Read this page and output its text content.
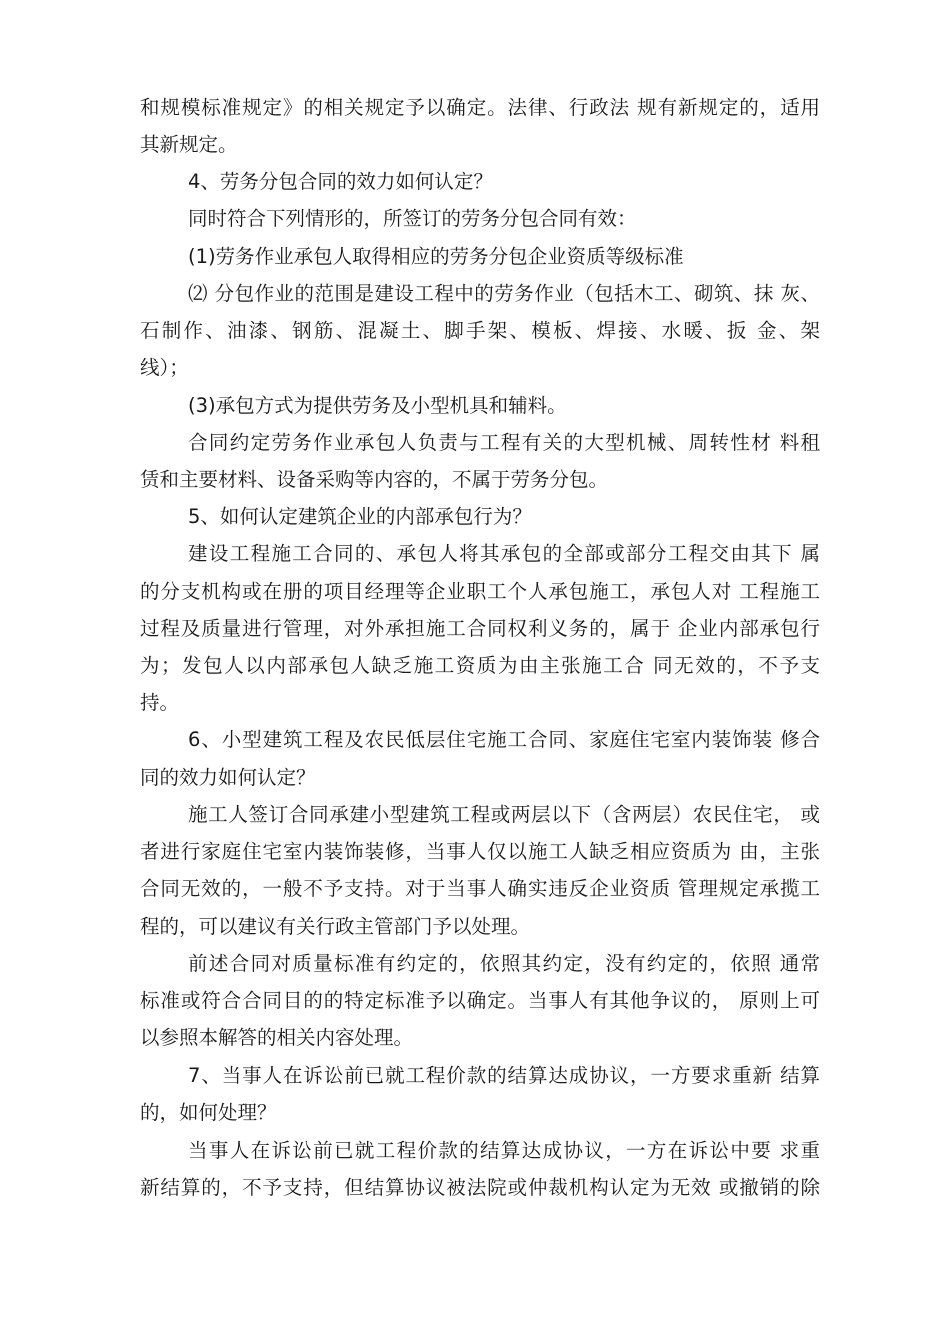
和规模标准规定》的相关规定予以确定。法律、行政法 规有新规定的，适用
其新规定。
4、劳务分包合同的效力如何认定？
同时符合下列情形的，所签订的劳务分包合同有效：
(1)劳务作业承包人取得相应的劳务分包企业资质等级标准
⑵ 分包作业的范围是建设工程中的劳务作业（包括木工、砌筑、抹 灰、
石制作、油漆、钢筋、混凝土、脚手架、模板、焊接、水暖、扳 金、架
线）；
(3)承包方式为提供劳务及小型机具和辅料。
合同约定劳务作业承包人负责与工程有关的大型机械、周转性材 料租
赁和主要材料、设备采购等内容的，不属于劳务分包。
5、如何认定建筑企业的内部承包行为？
建设工程施工合同的、承包人将其承包的全部或部分工程交由其下 属
的分支机构或在册的项目经理等企业职工个人承包施工，承包人对 工程施工
过程及质量进行管理，对外承担施工合同权利义务的，属于 企业内部承包行
为；发包人以内部承包人缺乏施工资质为由主张施工合 同无效的，不予支
持。
6、小型建筑工程及农民低层住宅施工合同、家庭住宅室内装饰装 修合
同的效力如何认定？
施工人签订合同承建小型建筑工程或两层以下（含两层）农民住宅， 或
者进行家庭住宅室内装饰装修，当事人仅以施工人缺乏相应资质为 由，主张
合同无效的，一般不予支持。对于当事人确实违反企业资质 管理规定承揽工
程的，可以建议有关行政主管部门予以处理。
前述合同对质量标准有约定的，依照其约定，没有约定的，依照 通常
标准或符合合同目的的特定标准予以确定。当事人有其他争议的， 原则上可
以参照本解答的相关内容处理。
7、当事人在诉讼前已就工程价款的结算达成协议，一方要求重新 结算
的，如何处理？
当事人在诉讼前已就工程价款的结算达成协议，一方在诉讼中要 求重
新结算的，不予支持，但结算协议被法院或仲裁机构认定为无效 或撤销的除
